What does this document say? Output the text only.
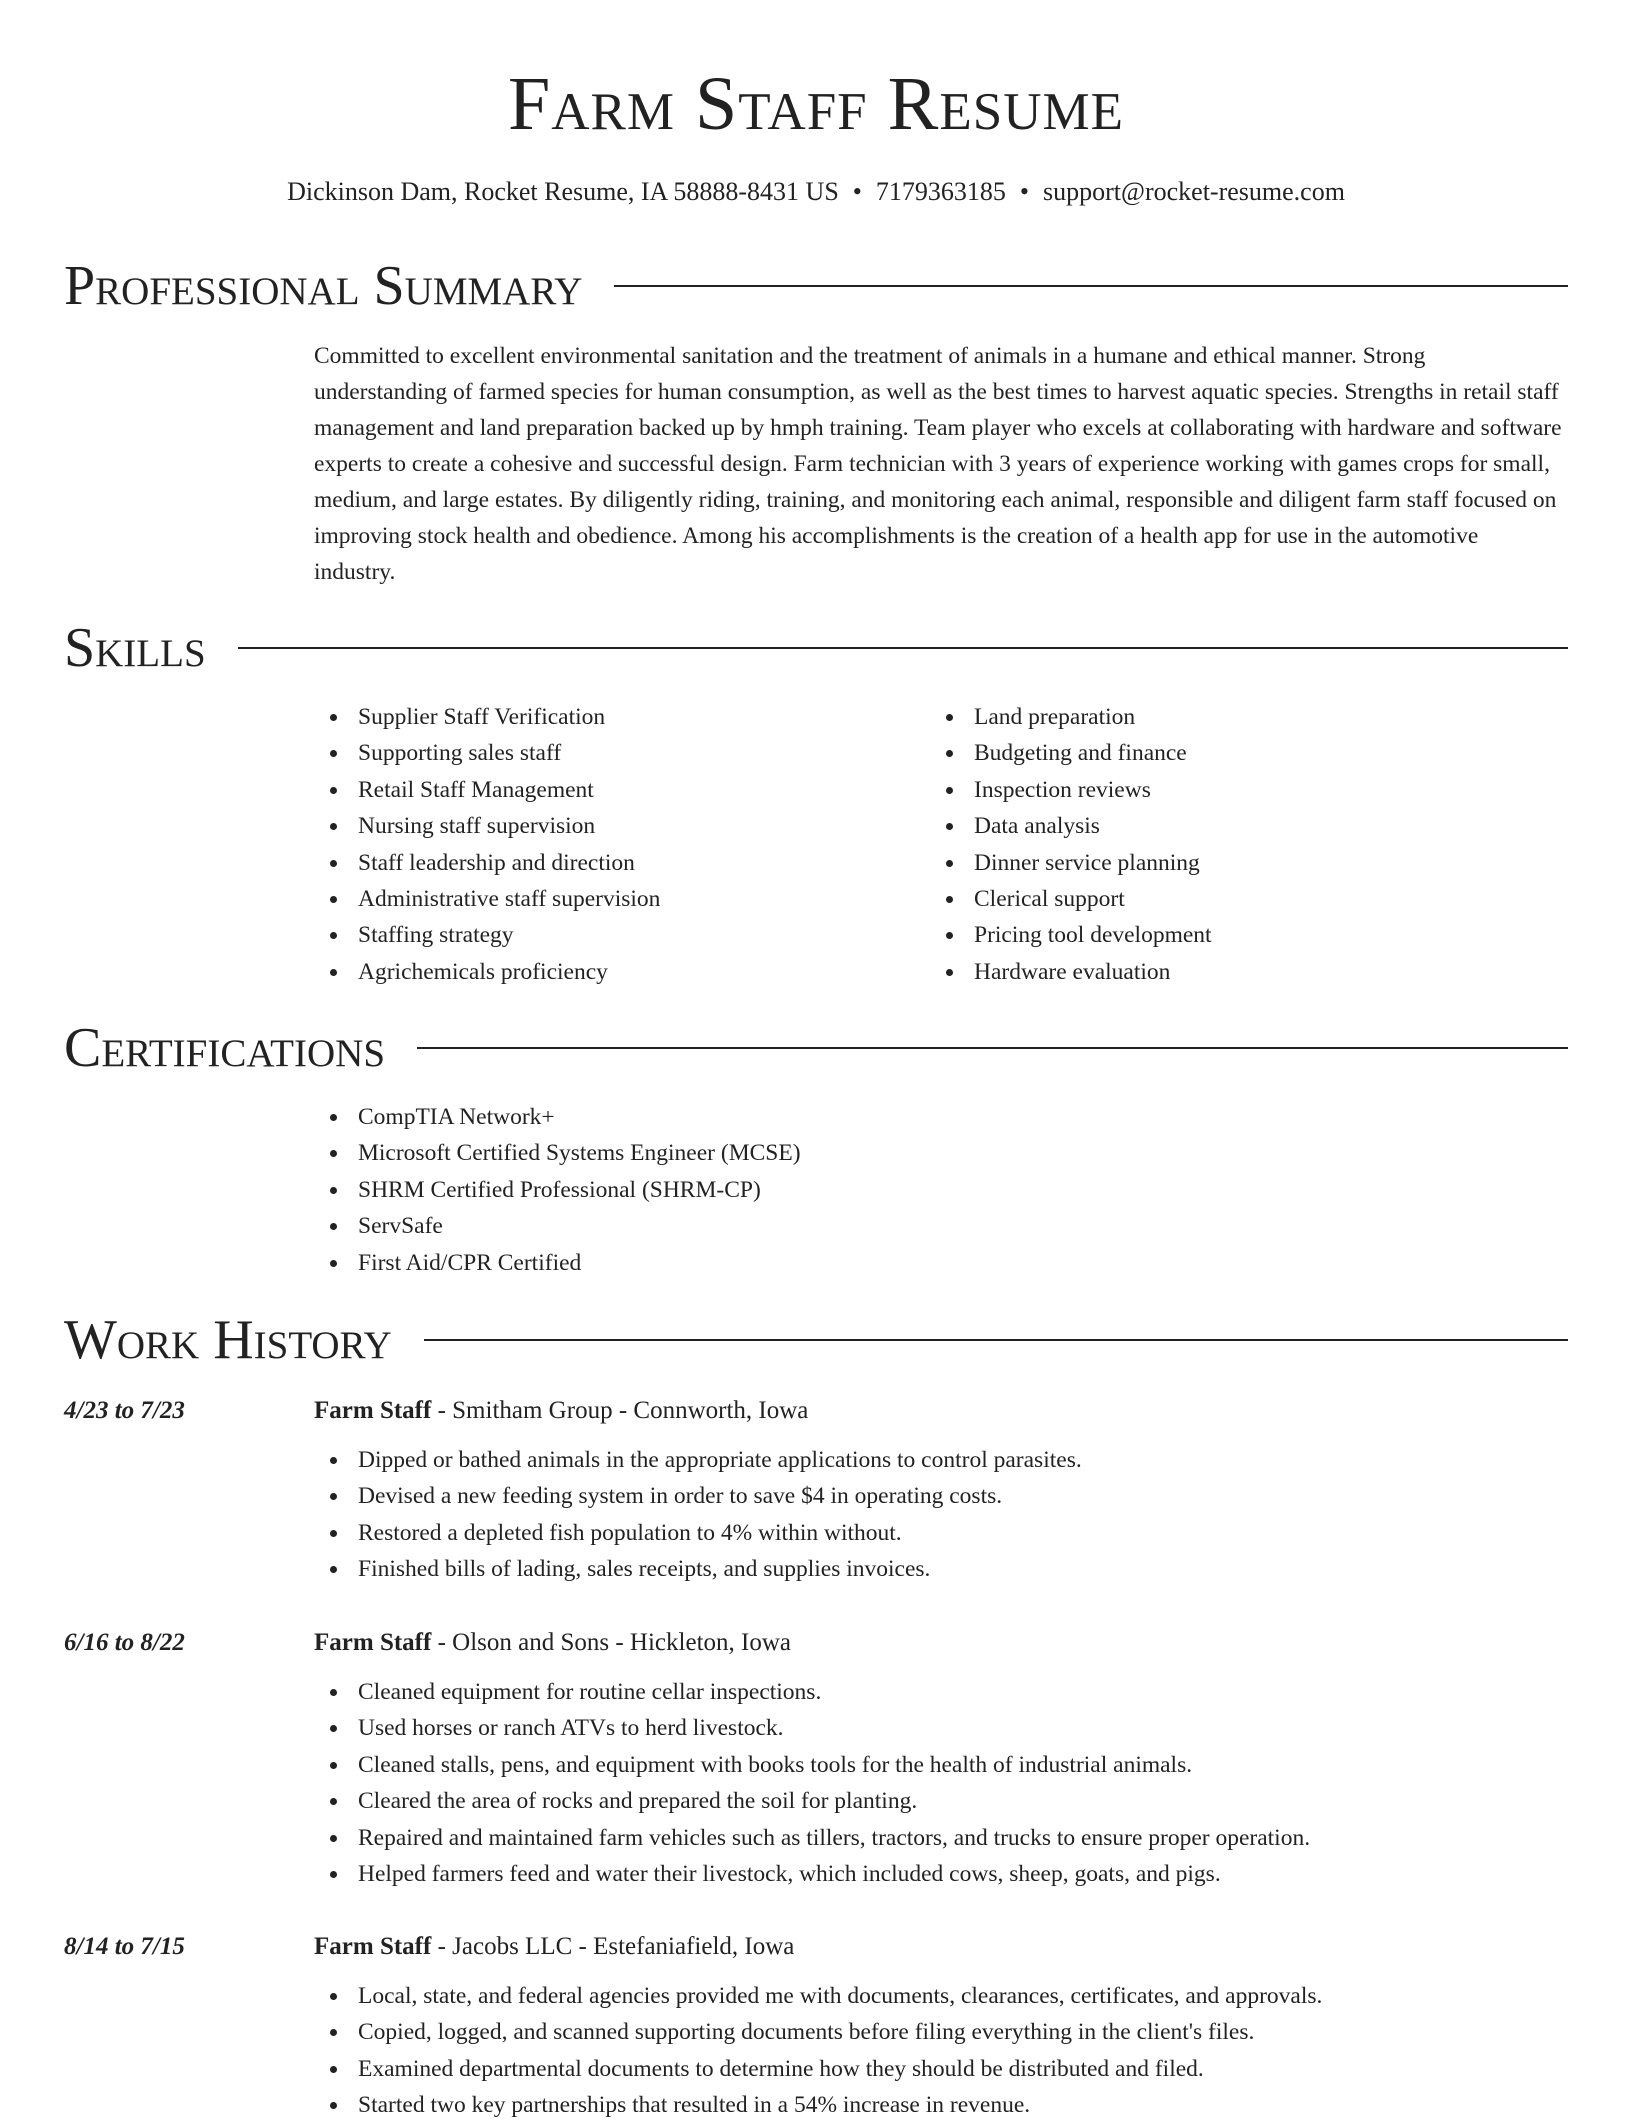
Farm Staff Resume
Dickinson Dam, Rocket Resume, IA 58888-8431 US • 7179363185 • support@rocket-resume.com
Professional Summary

Committed to excellent environmental sanitation and the treatment of animals in a humane and ethical manner. Strong understanding of farmed species for human consumption, as well as the best times to harvest aquatic species. Strengths in retail staff management and land preparation backed up by hmph training. Team player who excels at collaborating with hardware and software experts to create a cohesive and successful design. Farm technician with 3 years of experience working with games crops for small, medium, and large estates. By diligently riding, training, and monitoring each animal, responsible and diligent farm staff focused on improving stock health and obedience. Among his accomplishments is the creation of a health app for use in the automotive industry.

Skills
Supplier Staff Verification
Supporting sales staff
Retail Staff Management
Nursing staff supervision
Staff leadership and direction
Administrative staff supervision
Staffing strategy
Agrichemicals proficiency
Land preparation
Budgeting and finance
Inspection reviews
Data analysis
Dinner service planning
Clerical support
Pricing tool development
Hardware evaluation
Certifications
CompTIA Network+
Microsoft Certified Systems Engineer (MCSE)
SHRM Certified Professional (SHRM-CP)
ServSafe
First Aid/CPR Certified
Work History
4/23 to 7/23	Farm Staff - Smitham Group - Connworth, Iowa
Dipped or bathed animals in the appropriate applications to control parasites.
Devised a new feeding system in order to save $4 in operating costs.
Restored a depleted fish population to 4% within without.
Finished bills of lading, sales receipts, and supplies invoices.
6/16 to 8/22	Farm Staff - Olson and Sons - Hickleton, Iowa
Cleaned equipment for routine cellar inspections.
Used horses or ranch ATVs to herd livestock.
Cleaned stalls, pens, and equipment with books tools for the health of industrial animals.
Cleared the area of rocks and prepared the soil for planting.
Repaired and maintained farm vehicles such as tillers, tractors, and trucks to ensure proper operation.
Helped farmers feed and water their livestock, which included cows, sheep, goats, and pigs.
8/14 to 7/15	Farm Staff - Jacobs LLC - Estefaniafield, Iowa
Local, state, and federal agencies provided me with documents, clearances, certificates, and approvals.
Copied, logged, and scanned supporting documents before filing everything in the client's files.
Examined departmental documents to determine how they should be distributed and filed.
Started two key partnerships that resulted in a 54% increase in revenue.
